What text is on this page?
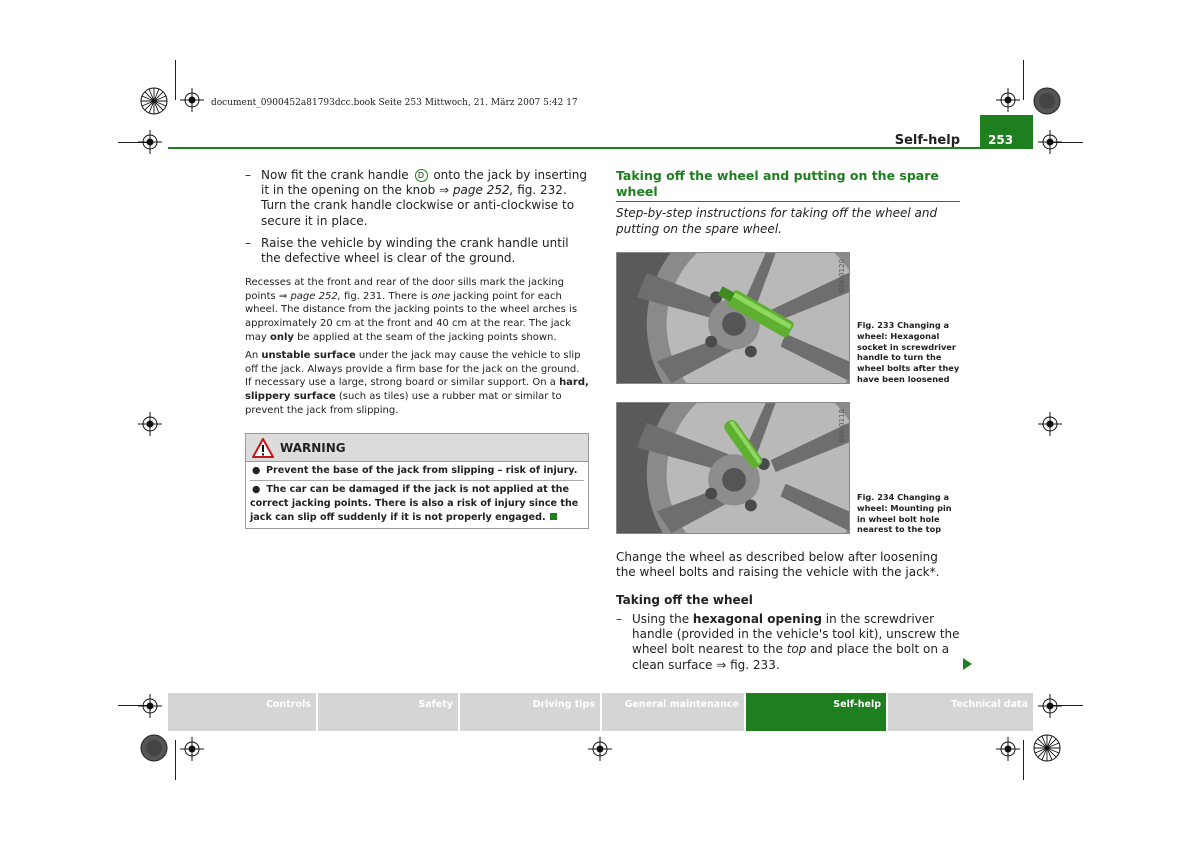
document_0900452a81793dcc.book Seite 253 Mittwoch, 21. März 2007 5:42 17
Self-help	253
– Now fit the crank handle D onto the jack by inserting it in the opening on the knob ⇒ page 252, fig. 232. Turn the crank handle clockwise or anti-clockwise to secure it in place.
– Raise the vehicle by winding the crank handle until the defective wheel is clear of the ground.

Recesses at the front and rear of the door sills mark the jacking points ⇒ page 252, fig. 231. There is one jacking point for each wheel. The distance from the jacking points to the wheel arches is approximately 20 cm at the front and 40 cm at the rear. The jack may only be applied at the seam of the jacking points shown.

An unstable surface under the jack may cause the vehicle to slip off the jack. Always provide a firm base for the jack on the ground. If necessary use a large, strong board or similar support. On a hard, slippery surface (such as tiles) use a rubber mat or similar to prevent the jack from slipping.

WARNING
● Prevent the base of the jack from slipping – risk of injury.
● The car can be damaged if the jack is not applied at the correct jacking points. There is also a risk of injury since the jack can slip off suddenly if it is not properly engaged.
Taking off the wheel and putting on the spare wheel
Step-by-step instructions for taking off the wheel and putting on the spare wheel.
B8K-0120
Fig. 233 Changing a wheel: Hexagonal socket in screwdriver handle to turn the wheel bolts after they have been loosened
B8K-0118
Fig. 234 Changing a wheel: Mounting pin in wheel bolt hole nearest to the top
Change the wheel as described below after loosening the wheel bolts and raising the vehicle with the jack*.
Taking off the wheel
– Using the hexagonal opening in the screwdriver handle (provided in the vehicle's tool kit), unscrew the wheel bolt nearest to the top and place the bolt on a clean surface ⇒ fig. 233.
Controls	Safety	Driving tips	General maintenance	Self-help	Technical data
